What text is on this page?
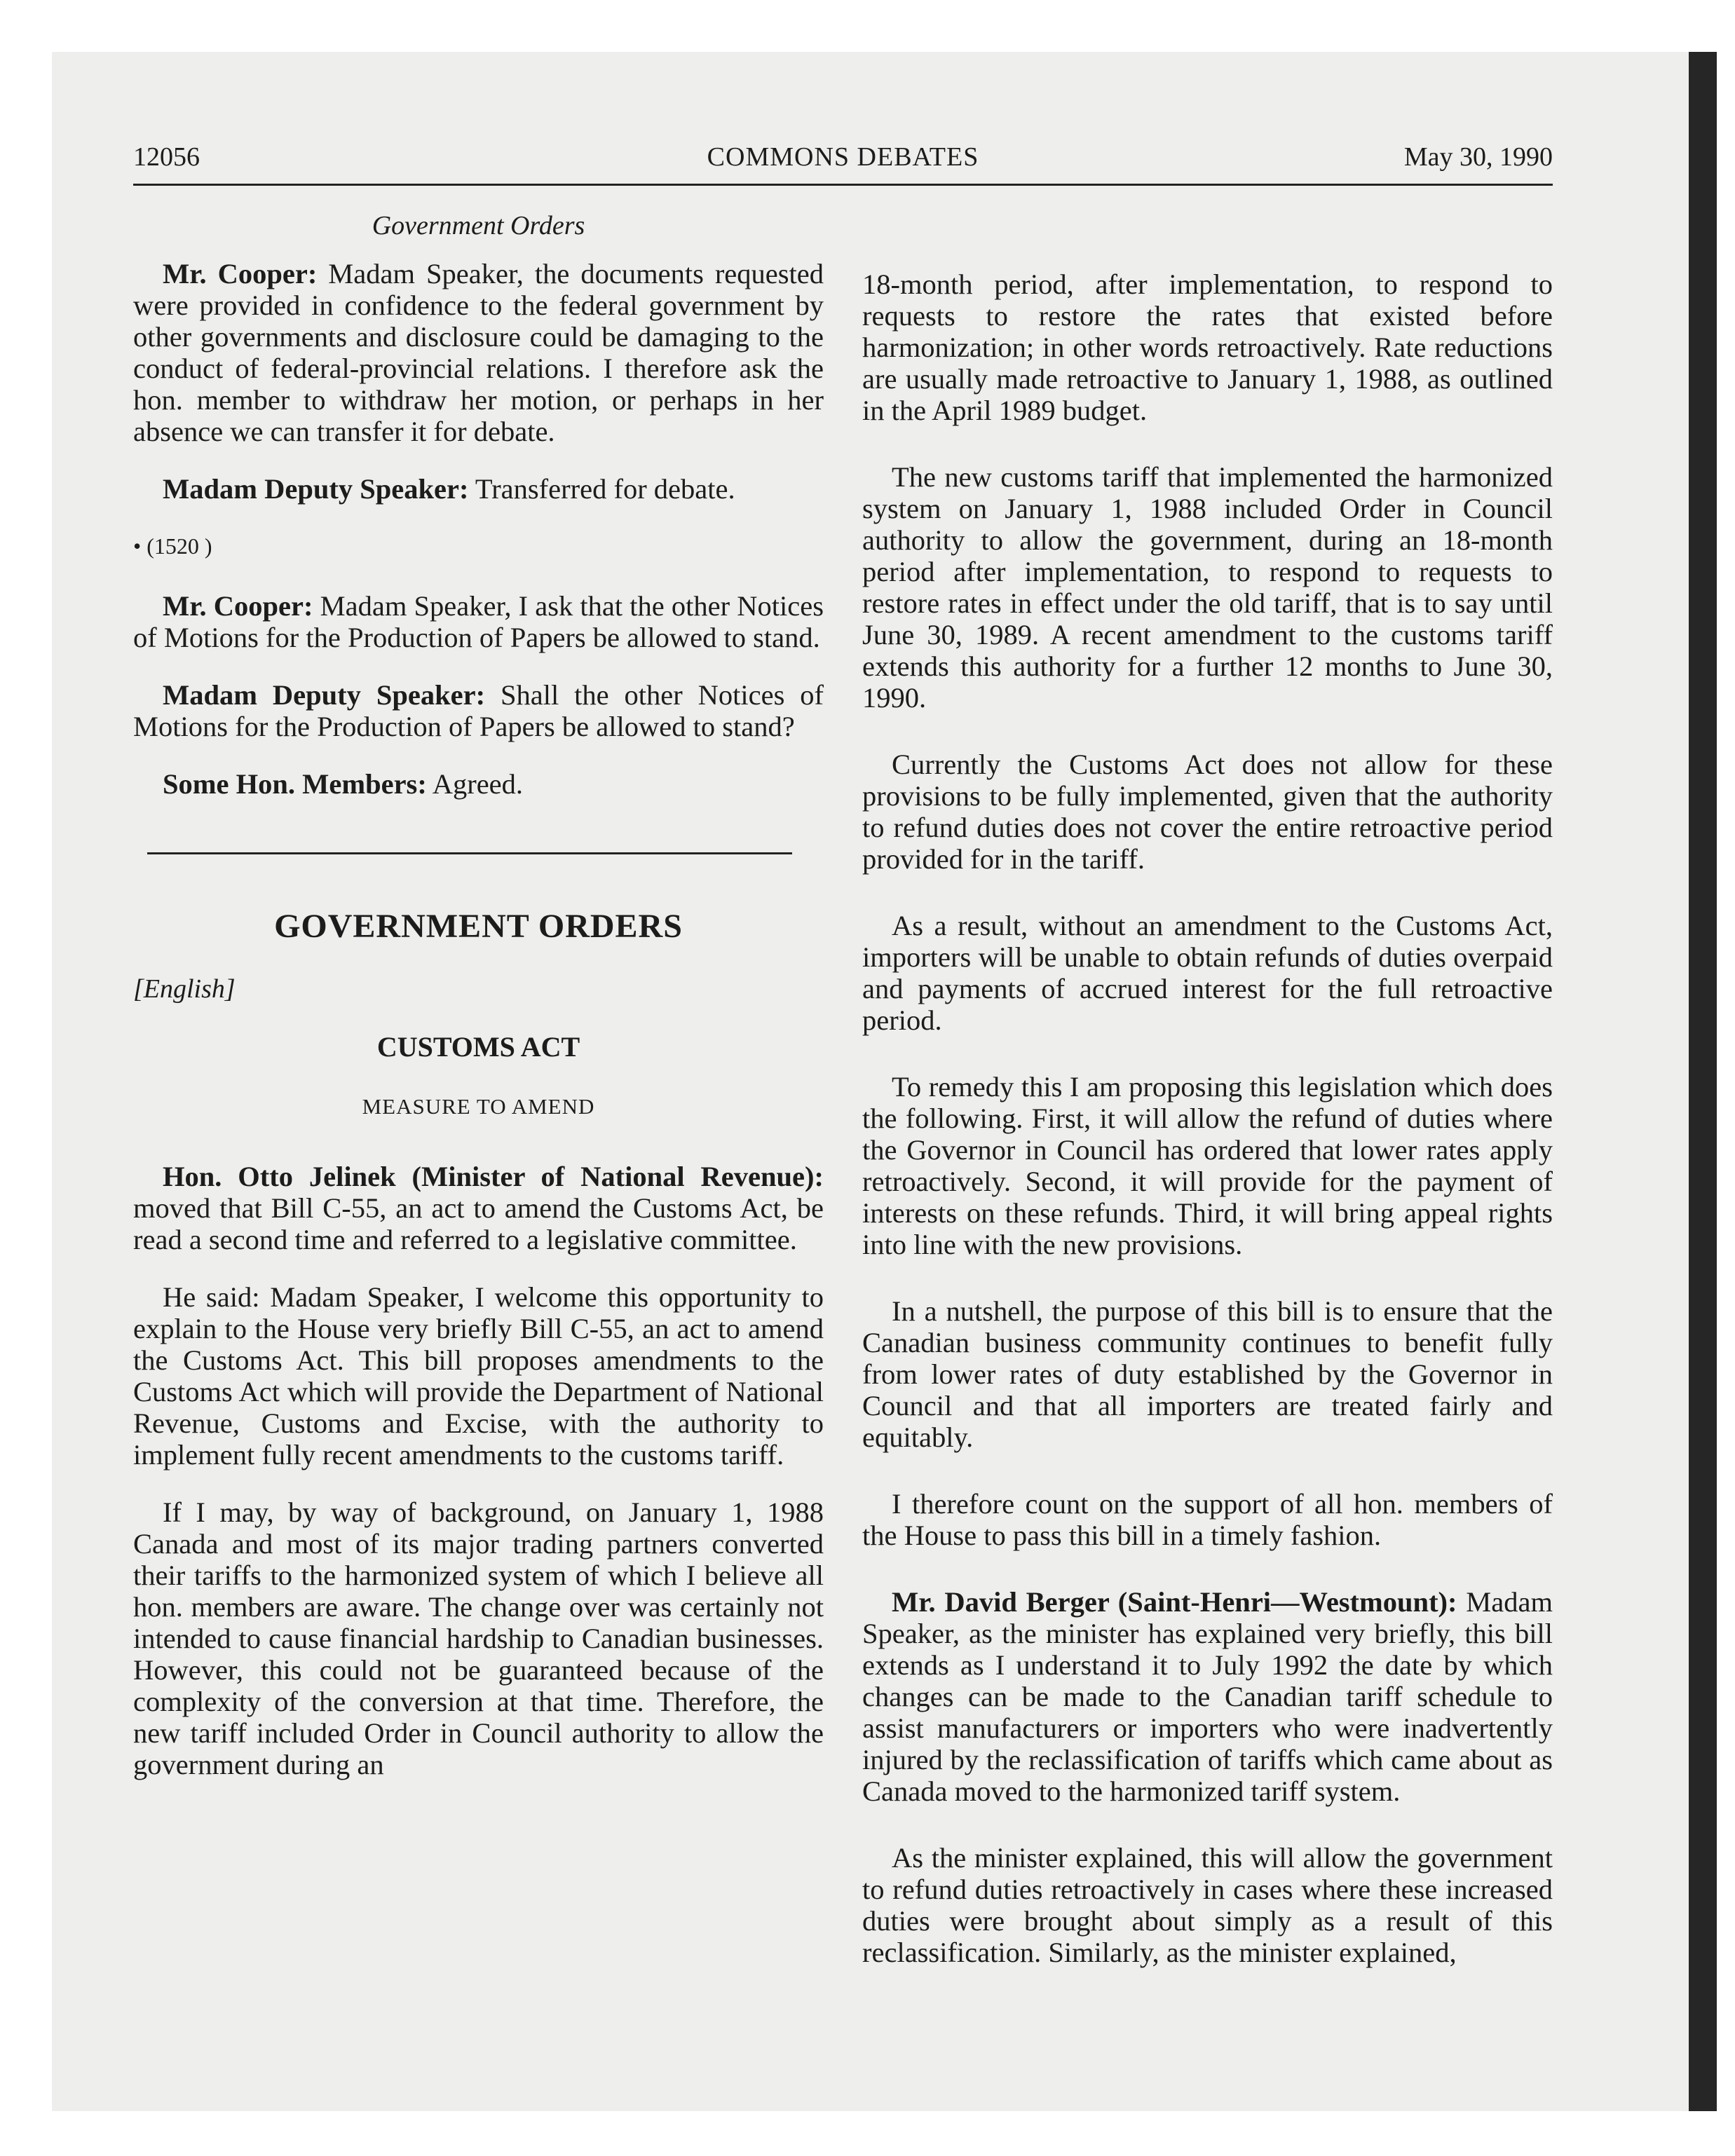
12056	COMMONS DEBATES	May 30, 1990
Government Orders

Mr. Cooper: Madam Speaker, the documents requested were provided in confidence to the federal government by other governments and disclosure could be damaging to the conduct of federal-provincial relations. I therefore ask the hon. member to withdraw her motion, or perhaps in her absence we can transfer it for debate.

Madam Deputy Speaker: Transferred for debate.

• (1520 )

Mr. Cooper: Madam Speaker, I ask that the other Notices of Motions for the Production of Papers be allowed to stand.

Madam Deputy Speaker: Shall the other Notices of Motions for the Production of Papers be allowed to stand?

Some Hon. Members: Agreed.

GOVERNMENT ORDERS

[English]

CUSTOMS ACT
MEASURE TO AMEND

Hon. Otto Jelinek (Minister of National Revenue): moved that Bill C-55, an act to amend the Customs Act, be read a second time and referred to a legislative committee.

He said: Madam Speaker, I welcome this opportunity to explain to the House very briefly Bill C-55, an act to amend the Customs Act. This bill proposes amendments to the Customs Act which will provide the Department of National Revenue, Customs and Excise, with the authority to implement fully recent amendments to the customs tariff.

If I may, by way of background, on January 1, 1988 Canada and most of its major trading partners converted their tariffs to the harmonized system of which I believe all hon. members are aware. The change over was certainly not intended to cause financial hardship to Canadian businesses. However, this could not be guaranteed because of the complexity of the conversion at that time. Therefore, the new tariff included Order in Council authority to allow the government during an

18-month period, after implementation, to respond to requests to restore the rates that existed before harmonization; in other words retroactively. Rate reductions are usually made retroactive to January 1, 1988, as outlined in the April 1989 budget.

The new customs tariff that implemented the harmonized system on January 1, 1988 included Order in Council authority to allow the government, during an 18-month period after implementation, to respond to requests to restore rates in effect under the old tariff, that is to say until June 30, 1989. A recent amendment to the customs tariff extends this authority for a further 12 months to June 30, 1990.

Currently the Customs Act does not allow for these provisions to be fully implemented, given that the authority to refund duties does not cover the entire retroactive period provided for in the tariff.

As a result, without an amendment to the Customs Act, importers will be unable to obtain refunds of duties overpaid and payments of accrued interest for the full retroactive period.

To remedy this I am proposing this legislation which does the following. First, it will allow the refund of duties where the Governor in Council has ordered that lower rates apply retroactively. Second, it will provide for the payment of interests on these refunds. Third, it will bring appeal rights into line with the new provisions.

In a nutshell, the purpose of this bill is to ensure that the Canadian business community continues to benefit fully from lower rates of duty established by the Governor in Council and that all importers are treated fairly and equitably.

I therefore count on the support of all hon. members of the House to pass this bill in a timely fashion.

Mr. David Berger (Saint-Henri—Westmount): Madam Speaker, as the minister has explained very briefly, this bill extends as I understand it to July 1992 the date by which changes can be made to the Canadian tariff schedule to assist manufacturers or importers who were inadvertently injured by the reclassification of tariffs which came about as Canada moved to the harmonized tariff system.

As the minister explained, this will allow the government to refund duties retroactively in cases where these increased duties were brought about simply as a result of this reclassification. Similarly, as the minister explained,
